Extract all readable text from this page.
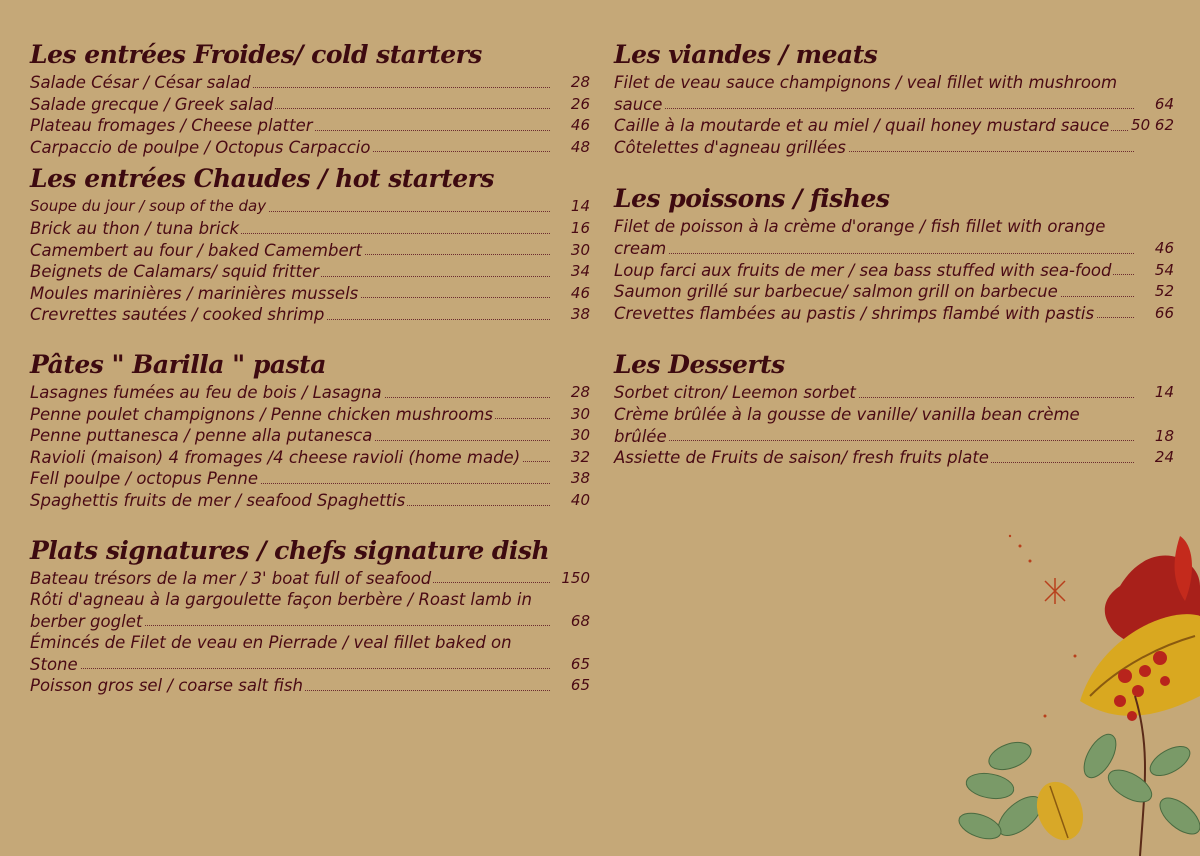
Les entrées Froides/ cold starters
Salade César / César salad	28
Salade grecque / Greek salad	26
Plateau fromages / Cheese platter	46
Carpaccio de poulpe / Octopus Carpaccio	48
Les entrées Chaudes / hot starters
Soupe du jour / soup of the day	14
Brick au thon / tuna brick	16
Camembert au four / baked Camembert	30
Beignets de Calamars/ squid fritter	34
Moules marinières / marinières mussels	46
Crevrettes sautées / cooked shrimp	38
Pâtes " Barilla " pasta
Lasagnes fumées au feu de bois / Lasagna	28
Penne poulet champignons / Penne chicken mushrooms	30
Penne puttanesca / penne alla putanesca	30
Ravioli (maison) 4 fromages /4 cheese ravioli (home made)	32
Fell poulpe / octopus Penne	38
Spaghettis fruits de mer / seafood Spaghettis	40
Plats signatures / chefs signature dish
Bateau trésors de la mer / 3' boat full of seafood	150
Rôti d'agneau à la gargoulette façon berbère / Roast lamb in berber goglet	68
Émincés de Filet de veau en Pierrade / veal fillet baked on Stone	65
Poisson gros sel / coarse salt fish	65
Les viandes / meats
Filet de veau sauce champignons / veal fillet with mushroom sauce	64
Caille à la moutarde et au miel / quail honey mustard sauce 50 62
Côtelettes d'agneau grillées
Les poissons / fishes
Filet de poisson à la crème d'orange / fish fillet with orange cream	46
Loup farci aux fruits de mer / sea bass stuffed with sea-food	54
Saumon grillé sur barbecue/ salmon grill on barbecue	52
Crevettes flambées au pastis / shrimps flambé with pastis	66
Les Desserts
Sorbet citron/ Leemon sorbet	14
Crème brûlée à la gousse de vanille/ vanilla bean crème brûlée	18
Assiette de Fruits de saison/ fresh fruits plate	24
